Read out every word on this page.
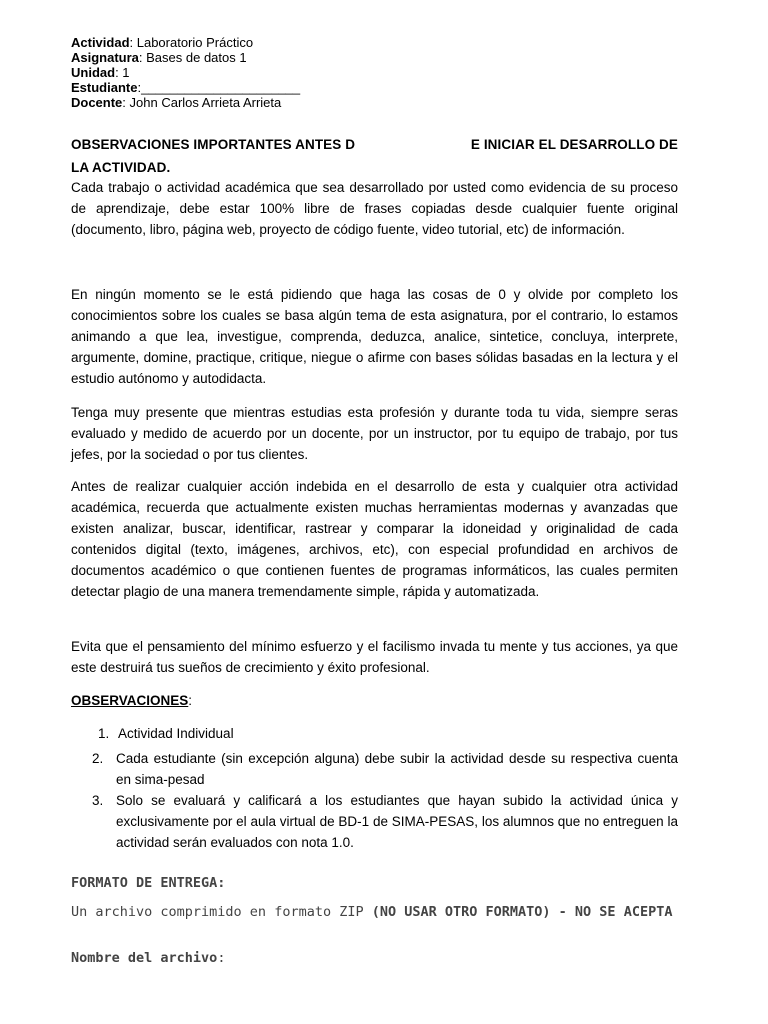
Actividad: Laboratorio Práctico
Asignatura: Bases de datos 1
Unidad: 1
Estudiante:______________________
Docente: John Carlos Arrieta Arrieta
OBSERVACIONES IMPORTANTES ANTES D	E INICIAR EL DESARROLLO DE
LA ACTIVIDAD.

Cada trabajo o actividad académica que sea desarrollado por usted como evidencia de su proceso de aprendizaje, debe estar 100% libre de frases copiadas desde cualquier fuente original (documento, libro, página web, proyecto de código fuente, video tutorial, etc) de información.

En ningún momento se le está pidiendo que haga las cosas de 0 y olvide por completo los conocimientos sobre los cuales se basa algún tema de esta asignatura, por el contrario, lo estamos animando a que lea, investigue, comprenda, deduzca, analice, sintetice, concluya, interprete, argumente, domine, practique, critique, niegue o afirme con bases sólidas basadas en la lectura y el estudio autónomo y autodidacta.

Tenga muy presente que mientras estudias esta profesión y durante toda tu vida, siempre seras evaluado y medido de acuerdo por un docente, por un instructor, por tu equipo de trabajo, por tus jefes, por la sociedad o por tus clientes.

Antes de realizar cualquier acción indebida en el desarrollo de esta y cualquier otra actividad académica, recuerda que actualmente existen muchas herramientas modernas y avanzadas que existen analizar, buscar, identificar, rastrear y comparar la idoneidad y originalidad de cada contenidos digital (texto, imágenes, archivos, etc), con especial profundidad en archivos de documentos académico o que contienen fuentes de programas informáticos, las cuales permiten detectar plagio de una manera tremendamente simple, rápida y automatizada.

Evita que el pensamiento del mínimo esfuerzo y el facilismo invada tu mente y tus acciones, ya que este destruirá tus sueños de crecimiento y éxito profesional.

OBSERVACIONES:
1. Actividad Individual
2. Cada estudiante (sin excepción alguna) debe subir la actividad desde su respectiva cuenta en sima-pesad
3. Solo se evaluará y calificará a los estudiantes que hayan subido la actividad única y exclusivamente por el aula virtual de BD-1 de SIMA-PESAS, los alumnos que no entreguen la actividad serán evaluados con nota 1.0.
FORMATO DE ENTREGA:
Un archivo comprimido en formato ZIP (NO USAR OTRO FORMATO) - NO SE ACEPTA
Nombre del archivo:
